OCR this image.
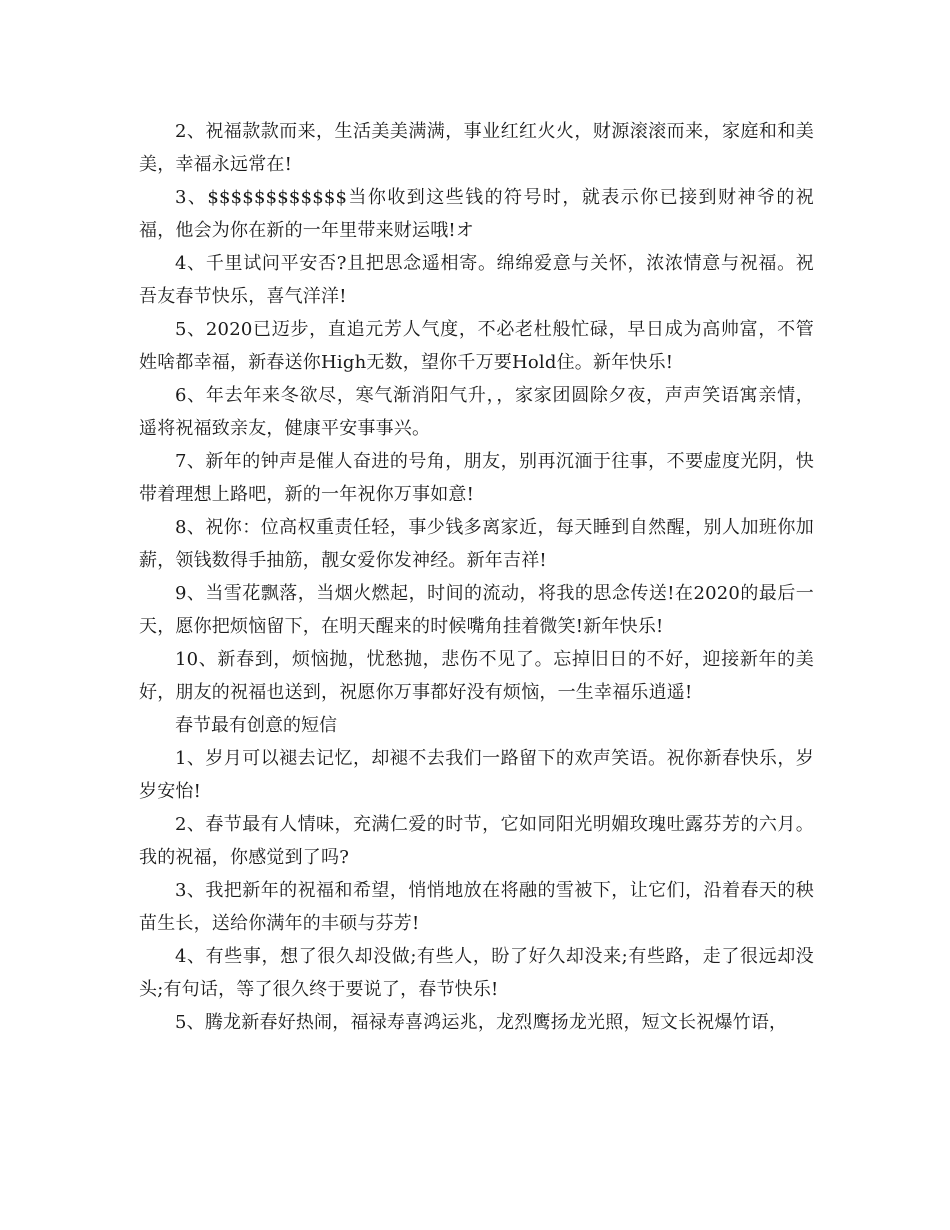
2、祝福款款而来，生活美美满满，事业红红火火，财源滚滚而来，家庭和和美美，幸福永远常在!

3、$$$$$$$$$$$$当你收到这些钱的符号时，就表示你已接到财神爷的祝福，他会为你在新的一年里带来财运哦!オ

4、千里试问平安否?且把思念遥相寄。绵绵爱意与关怀，浓浓情意与祝福。祝吾友春节快乐，喜气洋洋!

5、2020已迈步，直追元芳人气度，不必老杜般忙碌，早日成为高帅富，不管姓啥都幸福，新春送你High无数，望你千万要Hold住。新年快乐!

6、年去年来冬欲尽，寒气渐消阳气升，，家家团圆除夕夜，声声笑语寓亲情，遥将祝福致亲友，健康平安事事兴。

7、新年的钟声是催人奋进的号角，朋友，别再沉湎于往事，不要虚度光阴，快带着理想上路吧，新的一年祝你万事如意!

8、祝你：位高权重责任轻，事少钱多离家近，每天睡到自然醒，别人加班你加薪，领钱数得手抽筋，靓女爱你发神经。新年吉祥!

9、当雪花飘落，当烟火燃起，时间的流动，将我的思念传送!在2020的最后一天，愿你把烦恼留下，在明天醒来的时候嘴角挂着微笑!新年快乐!

10、新春到，烦恼抛，忧愁抛，悲伤不见了。忘掉旧日的不好，迎接新年的美好，朋友的祝福也送到，祝愿你万事都好没有烦恼，一生幸福乐逍遥!

春节最有创意的短信

1、岁月可以褪去记忆，却褪不去我们一路留下的欢声笑语。祝你新春快乐，岁岁安怡!

2、春节最有人情味，充满仁爱的时节，它如同阳光明媚玫瑰吐露芬芳的六月。我的祝福，你感觉到了吗?

3、我把新年的祝福和希望，悄悄地放在将融的雪被下，让它们，沿着春天的秧苗生长，送给你满年的丰硕与芬芳!

4、有些事，想了很久却没做;有些人，盼了好久却没来;有些路，走了很远却没头;有句话，等了很久终于要说了，春节快乐!

5、腾龙新春好热闹，福禄寿喜鸿运兆，龙烈鹰扬龙光照，短文长祝爆竹语，
